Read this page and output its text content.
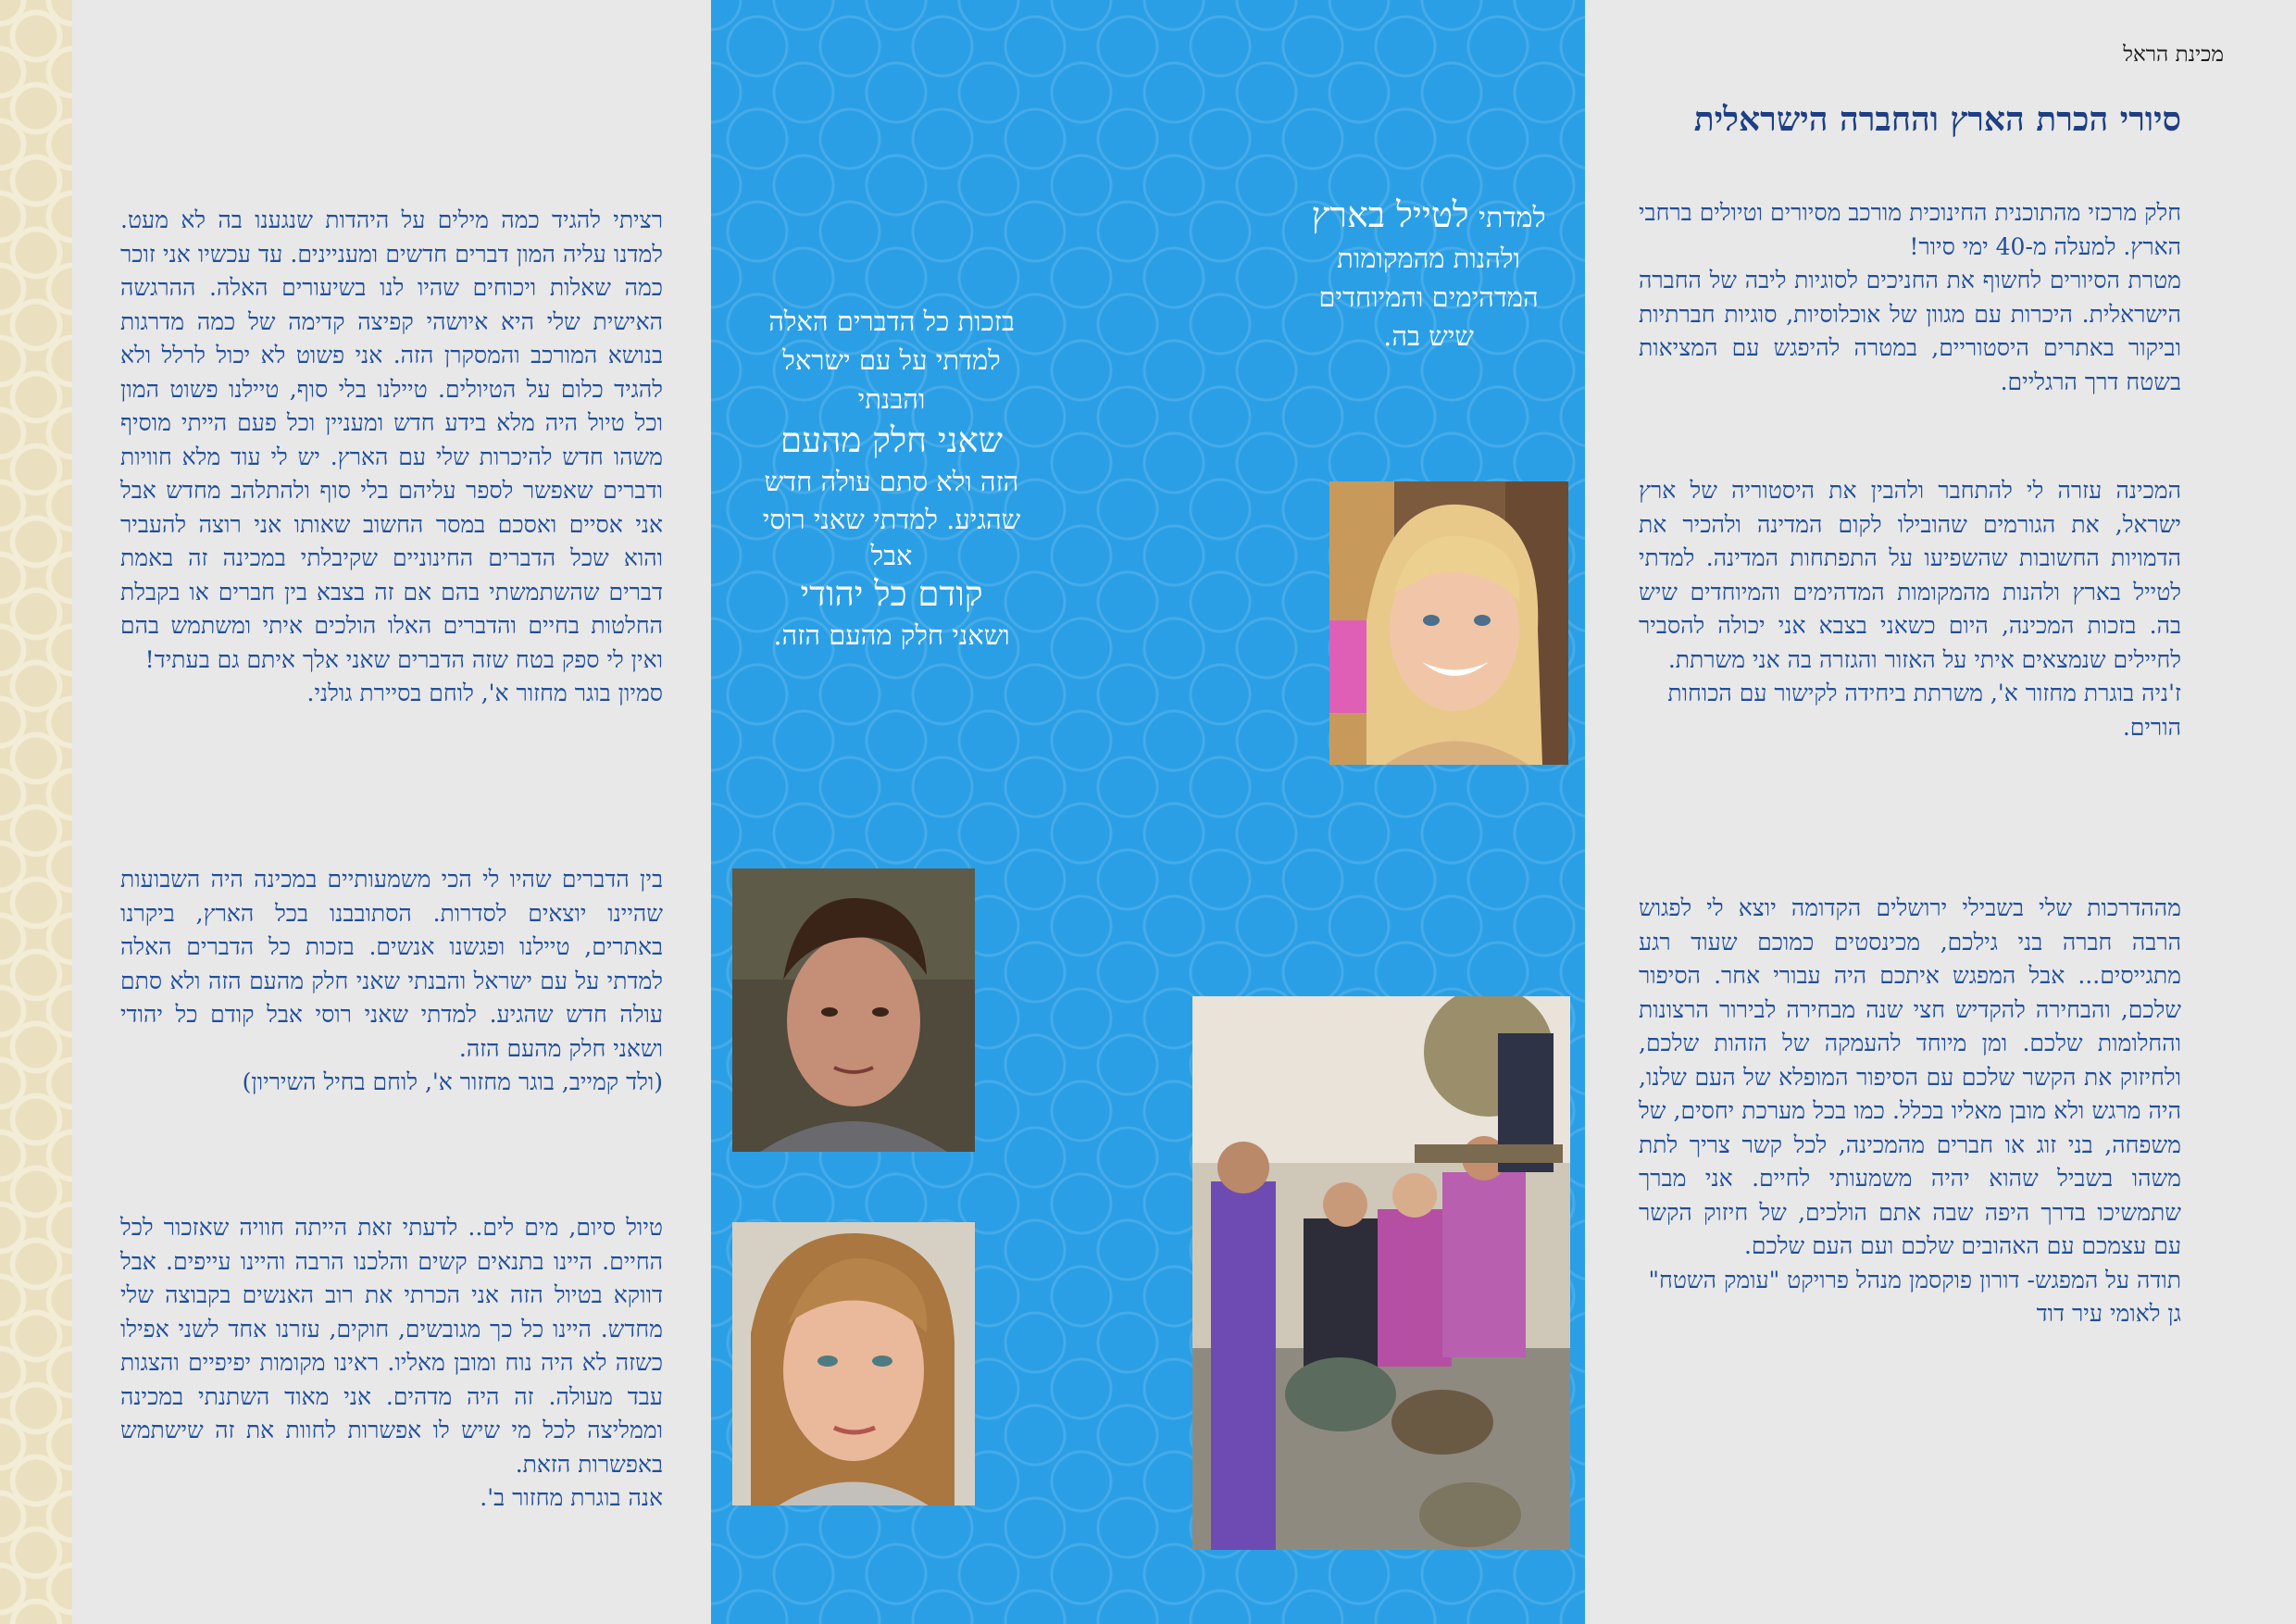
מכינת הראל
סיורי הכרת הארץ והחברה הישראלית

חלק מרכזי מהתוכנית החינוכית מורכב מסיורים וטיולים ברחבי הארץ. למעלה מ-40 ימי סיור!

מטרת הסיורים לחשוף את החניכים לסוגיות ליבה של החברה הישראלית. היכרות עם מגוון של אוכלוסיות, סוגיות חברתיות וביקור באתרים היסטוריים, במטרה להיפגש עם המציאות בשטח דרך הרגליים.

המכינה עזרה לי להתחבר ולהבין את היסטוריה של ארץ ישראל, את הגורמים שהובילו לקום המדינה ולהכיר את הדמויות החשובות שהשפיעו על התפתחות המדינה. למדתי לטייל בארץ ולהנות מהמקומות המדהימים והמיוחדים שיש בה. בזכות המכינה, היום כשאני בצבא אני יכולה להסביר לחיילים שנמצאים איתי על האזור והגזרה בה אני משרתת.

ז'ניה בוגרת מחזור א', משרתת ביחידה לקישור עם הכוחות הורים.

מההדרכות שלי בשבילי ירושלים הקדומה יוצא לי לפגוש הרבה חברה בני גילכם, מכינסטים כמוכם שעוד רגע מתגייסים... אבל המפגש איתכם היה עבורי אחר. הסיפור שלכם, והבחירה להקדיש חצי שנה מבחירה לבירור הרצונות והחלומות שלכם. ומן מיוחד להעמקה של הזהות שלכם, ולחיזוק את הקשר שלכם עם הסיפור המופלא של העם שלנו, היה מרגש ולא מובן מאליו בכלל. כמו בכל מערכת יחסים, של משפחה, בני זוג או חברים מהמכינה, לכל קשר צריך לתת משהו בשביל שהוא יהיה משמעותי לחיים. אני מברך שתמשיכו בדרך היפה שבה אתם הולכים, של חיזוק הקשר עם עצמכם עם האהובים שלכם ועם העם שלכם.

תודה על המפגש- דורון פוקסמן מנהל פרויקט "עומק השטח" גן לאומי עיר דוד

למדתי לטייל בארץ

ולהנות מהמקומות

המדהימים והמיוחדים

שיש בה.

בזכות כל הדברים האלה

למדתי על עם ישראל

והבנתי

שאני חלק מהעם

הזה ולא סתם עולה חדש

שהגיע. למדתי שאני רוסי

אבל

קודם כל יהודי

ושאני חלק מהעם הזה.

רציתי להגיד כמה מילים על היהדות שנגענו בה לא מעט. למדנו עליה המון דברים חדשים ומעניינים. עד עכשיו אני זוכר כמה שאלות ויכוחים שהיו לנו בשיעורים האלה. ההרגשה האישית שלי היא איושהי קפיצה קדימה של כמה מדרגות בנושא המורכב והמסקרן הזה. אני פשוט לא יכול לרלל ולא להגיד כלום על הטיולים. טיילנו בלי סוף, טיילנו פשוט המון וכל טיול היה מלא בידע חדש ומעניין וכל פעם הייתי מוסיף משהו חדש להיכרות שלי עם הארץ. יש לי עוד מלא חוויות ודברים שאפשר לספר עליהם בלי סוף ולהתלהב מחדש אבל אני אסיים ואסכם במסר החשוב שאותו אני רוצה להעביר והוא שכל הדברים החינוניים שקיבלתי במכינה זה באמת דברים שהשתמשתי בהם אם זה בצבא בין חברים או בקבלת החלטות בחיים והדברים האלו הולכים איתי ומשתמש בהם ואין לי ספק בטח שזה הדברים שאני אלך איתם גם בעתיד!

סמיון בוגר מחזור א', לוחם בסיירת גולני.

בין הדברים שהיו לי הכי משמעותיים במכינה היה השבועות שהיינו יוצאים לסדרות. הסתובבנו בכל הארץ, ביקרנו באתרים, טיילנו ופגשנו אנשים. בזכות כל הדברים האלה למדתי על עם ישראל והבנתי שאני חלק מהעם הזה ולא סתם עולה חדש שהגיע. למדתי שאני רוסי אבל קודם כל יהודי ושאני חלק מהעם הזה.

(ולד קמייב, בוגר מחזור א', לוחם בחיל השיריון)

טיול סיום, מים לים.. לדעתי זאת הייתה חוויה שאזכור לכל החיים. היינו בתנאים קשים והלכנו הרבה והיינו עייפים. אבל דווקא בטיול הזה אני הכרתי את רוב האנשים בקבוצה שלי מחדש. היינו כל כך מגובשים, חוקים, עזרנו אחד לשני אפילו כשזה לא היה נוח ומובן מאליו. ראינו מקומות יפיפיים והצגות עבד מעולה. זה היה מדהים. אני מאוד השתנתי במכינה וממליצה לכל מי שיש לו אפשרות לחוות את זה שישתמש באפשרות הזאת.

אנה בוגרת מחזור ב'.
